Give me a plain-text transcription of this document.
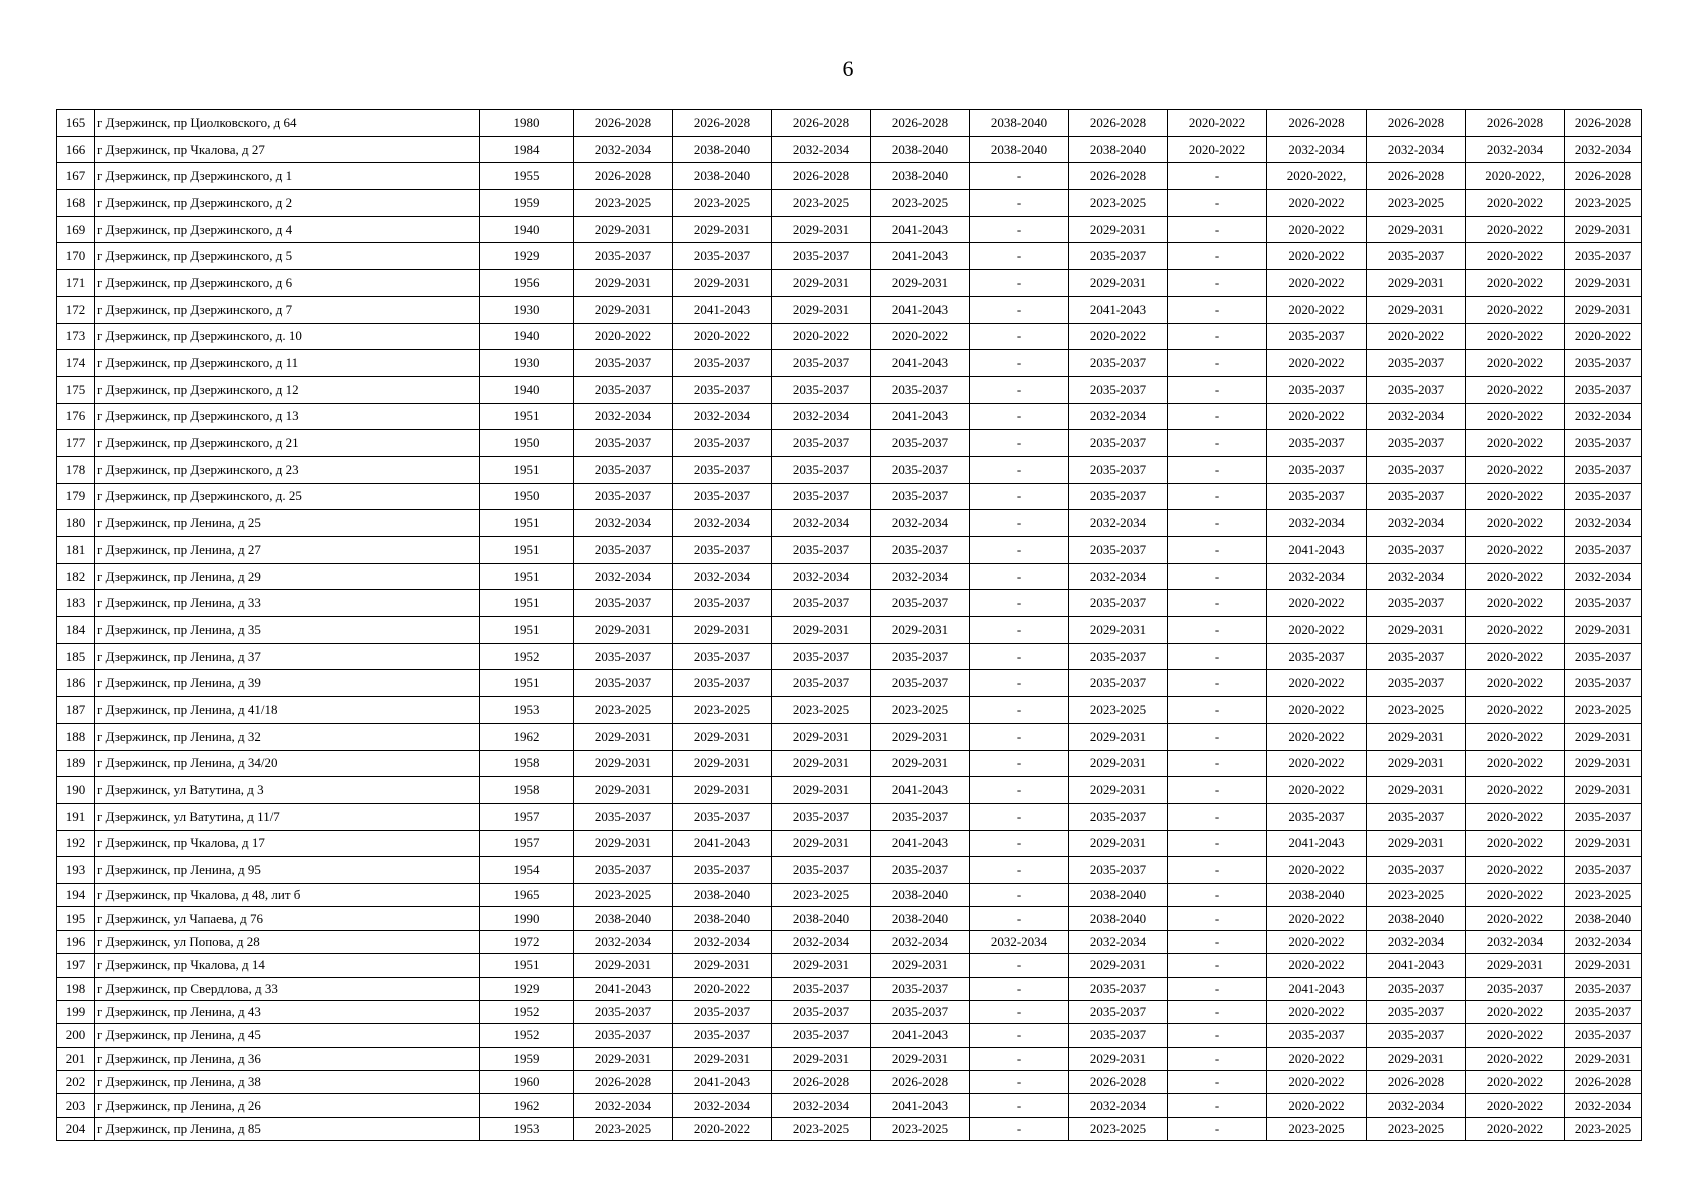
6
165	г Дзержинск, пр Циолковского, д 64	1980	2026-2028	2026-2028	2026-2028	2026-2028	2038-2040	2026-2028	2020-2022	2026-2028	2026-2028	2026-2028	2026-2028
166	г Дзержинск, пр Чкалова, д 27	1984	2032-2034	2038-2040	2032-2034	2038-2040	2038-2040	2038-2040	2020-2022	2032-2034	2032-2034	2032-2034	2032-2034
167	г Дзержинск, пр Дзержинского, д 1	1955	2026-2028	2038-2040	2026-2028	2038-2040	-	2026-2028	-	2020-2022,	2026-2028	2020-2022,	2026-2028
168	г Дзержинск, пр Дзержинского, д 2	1959	2023-2025	2023-2025	2023-2025	2023-2025	-	2023-2025	-	2020-2022	2023-2025	2020-2022	2023-2025
169	г Дзержинск, пр Дзержинского, д 4	1940	2029-2031	2029-2031	2029-2031	2041-2043	-	2029-2031	-	2020-2022	2029-2031	2020-2022	2029-2031
170	г Дзержинск, пр Дзержинского, д 5	1929	2035-2037	2035-2037	2035-2037	2041-2043	-	2035-2037	-	2020-2022	2035-2037	2020-2022	2035-2037
171	г Дзержинск, пр Дзержинского, д 6	1956	2029-2031	2029-2031	2029-2031	2029-2031	-	2029-2031	-	2020-2022	2029-2031	2020-2022	2029-2031
172	г Дзержинск, пр Дзержинского, д 7	1930	2029-2031	2041-2043	2029-2031	2041-2043	-	2041-2043	-	2020-2022	2029-2031	2020-2022	2029-2031
173	г Дзержинск, пр Дзержинского, д. 10	1940	2020-2022	2020-2022	2020-2022	2020-2022	-	2020-2022	-	2035-2037	2020-2022	2020-2022	2020-2022
174	г Дзержинск, пр Дзержинского, д 11	1930	2035-2037	2035-2037	2035-2037	2041-2043	-	2035-2037	-	2020-2022	2035-2037	2020-2022	2035-2037
175	г Дзержинск, пр Дзержинского, д 12	1940	2035-2037	2035-2037	2035-2037	2035-2037	-	2035-2037	-	2035-2037	2035-2037	2020-2022	2035-2037
176	г Дзержинск, пр Дзержинского, д 13	1951	2032-2034	2032-2034	2032-2034	2041-2043	-	2032-2034	-	2020-2022	2032-2034	2020-2022	2032-2034
177	г Дзержинск, пр Дзержинского, д 21	1950	2035-2037	2035-2037	2035-2037	2035-2037	-	2035-2037	-	2035-2037	2035-2037	2020-2022	2035-2037
178	г Дзержинск, пр Дзержинского, д 23	1951	2035-2037	2035-2037	2035-2037	2035-2037	-	2035-2037	-	2035-2037	2035-2037	2020-2022	2035-2037
179	г Дзержинск, пр Дзержинского, д. 25	1950	2035-2037	2035-2037	2035-2037	2035-2037	-	2035-2037	-	2035-2037	2035-2037	2020-2022	2035-2037
180	г Дзержинск, пр Ленина, д 25	1951	2032-2034	2032-2034	2032-2034	2032-2034	-	2032-2034	-	2032-2034	2032-2034	2020-2022	2032-2034
181	г Дзержинск, пр Ленина, д 27	1951	2035-2037	2035-2037	2035-2037	2035-2037	-	2035-2037	-	2041-2043	2035-2037	2020-2022	2035-2037
182	г Дзержинск, пр Ленина, д 29	1951	2032-2034	2032-2034	2032-2034	2032-2034	-	2032-2034	-	2032-2034	2032-2034	2020-2022	2032-2034
183	г Дзержинск, пр Ленина, д 33	1951	2035-2037	2035-2037	2035-2037	2035-2037	-	2035-2037	-	2020-2022	2035-2037	2020-2022	2035-2037
184	г Дзержинск, пр Ленина, д 35	1951	2029-2031	2029-2031	2029-2031	2029-2031	-	2029-2031	-	2020-2022	2029-2031	2020-2022	2029-2031
185	г Дзержинск, пр Ленина, д 37	1952	2035-2037	2035-2037	2035-2037	2035-2037	-	2035-2037	-	2035-2037	2035-2037	2020-2022	2035-2037
186	г Дзержинск, пр Ленина, д 39	1951	2035-2037	2035-2037	2035-2037	2035-2037	-	2035-2037	-	2020-2022	2035-2037	2020-2022	2035-2037
187	г Дзержинск, пр Ленина, д 41/18	1953	2023-2025	2023-2025	2023-2025	2023-2025	-	2023-2025	-	2020-2022	2023-2025	2020-2022	2023-2025
188	г Дзержинск, пр Ленина, д 32	1962	2029-2031	2029-2031	2029-2031	2029-2031	-	2029-2031	-	2020-2022	2029-2031	2020-2022	2029-2031
189	г Дзержинск, пр Ленина, д 34/20	1958	2029-2031	2029-2031	2029-2031	2029-2031	-	2029-2031	-	2020-2022	2029-2031	2020-2022	2029-2031
190	г Дзержинск, ул Ватутина, д 3	1958	2029-2031	2029-2031	2029-2031	2041-2043	-	2029-2031	-	2020-2022	2029-2031	2020-2022	2029-2031
191	г Дзержинск, ул Ватутина, д 11/7	1957	2035-2037	2035-2037	2035-2037	2035-2037	-	2035-2037	-	2035-2037	2035-2037	2020-2022	2035-2037
192	г Дзержинск, пр Чкалова, д 17	1957	2029-2031	2041-2043	2029-2031	2041-2043	-	2029-2031	-	2041-2043	2029-2031	2020-2022	2029-2031
193	г Дзержинск, пр Ленина, д 95	1954	2035-2037	2035-2037	2035-2037	2035-2037	-	2035-2037	-	2020-2022	2035-2037	2020-2022	2035-2037
194	г Дзержинск, пр Чкалова, д 48, лит б	1965	2023-2025	2038-2040	2023-2025	2038-2040	-	2038-2040	-	2038-2040	2023-2025	2020-2022	2023-2025
195	г Дзержинск, ул Чапаева, д 76	1990	2038-2040	2038-2040	2038-2040	2038-2040	-	2038-2040	-	2020-2022	2038-2040	2020-2022	2038-2040
196	г Дзержинск, ул Попова, д 28	1972	2032-2034	2032-2034	2032-2034	2032-2034	2032-2034	2032-2034	-	2020-2022	2032-2034	2032-2034	2032-2034
197	г Дзержинск, пр Чкалова, д 14	1951	2029-2031	2029-2031	2029-2031	2029-2031	-	2029-2031	-	2020-2022	2041-2043	2029-2031	2029-2031
198	г Дзержинск, пр Свердлова, д 33	1929	2041-2043	2020-2022	2035-2037	2035-2037	-	2035-2037	-	2041-2043	2035-2037	2035-2037	2035-2037
199	г Дзержинск, пр Ленина, д 43	1952	2035-2037	2035-2037	2035-2037	2035-2037	-	2035-2037	-	2020-2022	2035-2037	2020-2022	2035-2037
200	г Дзержинск, пр Ленина, д 45	1952	2035-2037	2035-2037	2035-2037	2041-2043	-	2035-2037	-	2035-2037	2035-2037	2020-2022	2035-2037
201	г Дзержинск, пр Ленина, д 36	1959	2029-2031	2029-2031	2029-2031	2029-2031	-	2029-2031	-	2020-2022	2029-2031	2020-2022	2029-2031
202	г Дзержинск, пр Ленина, д 38	1960	2026-2028	2041-2043	2026-2028	2026-2028	-	2026-2028	-	2020-2022	2026-2028	2020-2022	2026-2028
203	г Дзержинск, пр Ленина, д 26	1962	2032-2034	2032-2034	2032-2034	2041-2043	-	2032-2034	-	2020-2022	2032-2034	2020-2022	2032-2034
204	г Дзержинск, пр Ленина, д 85	1953	2023-2025	2020-2022	2023-2025	2023-2025	-	2023-2025	-	2023-2025	2023-2025	2020-2022	2023-2025
